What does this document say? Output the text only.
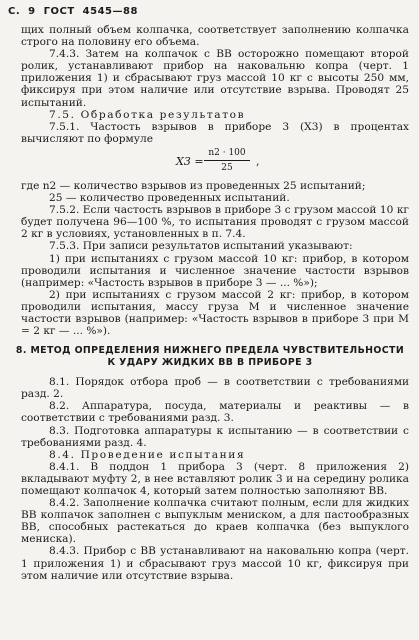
С. 9 ГОСТ 4545—88

щих полный объем колпачка, соответствует заполнению колпачка строго на половину его объема.

7.4.3. Затем на колпачок с ВВ осторожно помещают второй ролик, устанавливают прибор на наковальню копра (черт. 1 приложения 1) и сбрасывают груз массой 10 кг с высоты 250 мм, фиксируя при этом наличие или отсутствие взрыва. Проводят 25 испытаний.

7.5. Обработка результатов

7.5.1. Частость взрывов в приборе 3 (X3) в процентах вычисляют по формуле

$X3 = \frac{n2 \cdot 100}{25}$ ,

где n2 — количество взрывов из проведенных 25 испытаний;

25 — количество проведенных испытаний.

7.5.2. Если частость взрывов в приборе 3 с грузом массой 10 кг будет получена 96—100 %, то испытания проводят с грузом массой 2 кг в условиях, установленных в п. 7.4.

7.5.3. При записи результатов испытаний указывают:

1) при испытаниях с грузом массой 10 кг: прибор, в котором проводили испытания и численное значение частости взрывов (например: «Частость взрывов в приборе 3 — ... %»);

2) при испытаниях с грузом массой 2 кг: прибор, в котором проводили испытания, массу груза М и численное значение частости взрывов (например: «Частость взрывов в приборе 3 при М = 2 кг — ... %»).

8. МЕТОД ОПРЕДЕЛЕНИЯ НИЖНЕГО ПРЕДЕЛА ЧУВСТВИТЕЛЬНОСТИ К УДАРУ ЖИДКИХ ВВ В ПРИБОРЕ 3

8.1. Порядок отбора проб — в соответствии с требованиями разд. 2.

8.2. Аппаратура, посуда, материалы и реактивы — в соответствии с требованиями разд. 3.

8.3. Подготовка аппаратуры к испытанию — в соответствии с требованиями разд. 4.

8.4. Проведение испытания

8.4.1. В поддон 1 прибора 3 (черт. 8 приложения 2) вкладывают муфту 2, в нее вставляют ролик 3 и на середину ролика помещают колпачок 4, который затем полностью заполняют ВВ.

8.4.2. Заполнение колпачка считают полным, если для жидких ВВ колпачок заполнен с выпуклым мениском, а для пастообразных ВВ, способных растекаться до краев колпачка (без выпуклого мениска).

8.4.3. Прибор с ВВ устанавливают на наковальню копра (черт. 1 приложения 1) и сбрасывают груз массой 10 кг, фиксируя при этом наличие или отсутствие взрыва.
